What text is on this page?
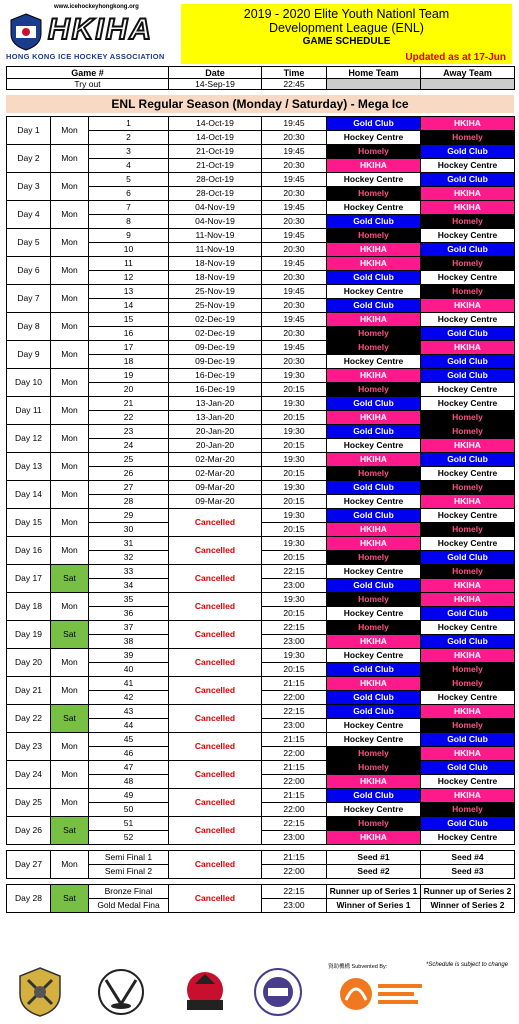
www.icehockeyhongkong.org
HKIHA
HONG KONG ICE HOCKEY ASSOCIATION
2019 - 2020 Elite Youth Nationl Team
Development League (ENL)
GAME SCHEDULE
Updated as at 17-Jun
Game #	Date	Time	Home Team	Away Team
Try out	14-Sep-19	22:45		
ENL Regular Season (Monday / Saturday) - Mega Ice
Day 1	Mon	1	14-Oct-19	19:45	Gold Club	HKIHA
		2	14-Oct-19	20:30	Hockey Centre	Homely
Day 2	Mon	3	21-Oct-19	19:45	Homely	Gold Club
		4	21-Oct-19	20:30	HKIHA	Hockey Centre
Day 3	Mon	5	28-Oct-19	19:45	Hockey Centre	Gold Club
		6	28-Oct-19	20:30	Homely	HKIHA
Day 4	Mon	7	04-Nov-19	19:45	Hockey Centre	HKIHA
		8	04-Nov-19	20:30	Gold Club	Homely
Day 5	Mon	9	11-Nov-19	19:45	Homely	Hockey Centre
		10	11-Nov-19	20:30	HKIHA	Gold Club
Day 6	Mon	11	18-Nov-19	19:45	HKIHA	Homely
		12	18-Nov-19	20:30	Gold Club	Hockey Centre
Day 7	Mon	13	25-Nov-19	19:45	Hockey Centre	Homely
		14	25-Nov-19	20:30	Gold Club	HKIHA
Day 8	Mon	15	02-Dec-19	19:45	HKIHA	Hockey Centre
		16	02-Dec-19	20:30	Homely	Gold Club
Day 9	Mon	17	09-Dec-19	19:45	Homely	HKIHA
		18	09-Dec-19	20:30	Hockey Centre	Gold Club
Day 10	Mon	19	16-Dec-19	19:30	HKIHA	Gold Club
		20	16-Dec-19	20:15	Homely	Hockey Centre
Day 11	Mon	21	13-Jan-20	19:30	Gold Club	Hockey Centre
		22	13-Jan-20	20:15	HKIHA	Homely
Day 12	Mon	23	20-Jan-20	19:30	Gold Club	Homely
		24	20-Jan-20	20:15	Hockey Centre	HKIHA
Day 13	Mon	25	02-Mar-20	19:30	HKIHA	Gold Club
		26	02-Mar-20	20:15	Homely	Hockey Centre
Day 14	Mon	27	09-Mar-20	19:30	Gold Club	Homely
		28	09-Mar-20	20:15	Hockey Centre	HKIHA
Day 15	Mon	29	Cancelled	19:30	Gold Club	Hockey Centre
		30		20:15	HKIHA	Homely
Day 16	Mon	31	Cancelled	19:30	HKIHA	Hockey Centre
		32		20:15	Homely	Gold Club
Day 17	Sat	33	Cancelled	22:15	Hockey Centre	Homely
		34		23:00	Gold Club	HKIHA
Day 18	Mon	35	Cancelled	19:30	Homely	HKIHA
		36		20:15	Hockey Centre	Gold Club
Day 19	Sat	37	Cancelled	22:15	Homely	Hockey Centre
		38		23:00	HKIHA	Gold Club
Day 20	Mon	39	Cancelled	19:30	Hockey Centre	HKIHA
		40		20:15	Gold Club	Homely
Day 21	Mon	41	Cancelled	21:15	HKIHA	Homely
		42		22:00	Gold Club	Hockey Centre
Day 22	Sat	43	Cancelled	22:15	Gold Club	HKIHA
		44		23:00	Hockey Centre	Homely
Day 23	Mon	45	Cancelled	21:15	Hockey Centre	Gold Club
		46		22:00	Homely	HKIHA
Day 24	Mon	47	Cancelled	21:15	Homely	Gold Club
		48		22:00	HKIHA	Hockey Centre
Day 25	Mon	49	Cancelled	21:15	Gold Club	HKIHA
		50		22:00	Hockey Centre	Homely
Day 26	Sat	51	Cancelled	22:15	Homely	Gold Club
		52		23:00	HKIHA	Hockey Centre

Day 27	Mon	Semi Final 1	Cancelled	21:15	Seed #1	Seed #4
		Semi Final 2		22:00	Seed #2	Seed #3

Day 28	Sat	Bronze Final	Cancelled	22:15	Runner up of Series 1	Runner up of Series 2
		Gold Medal Fina		23:00	Winner of Series 1	Winner of Series 2
資助機構 Subvented By:	*Schedule is subject to change
